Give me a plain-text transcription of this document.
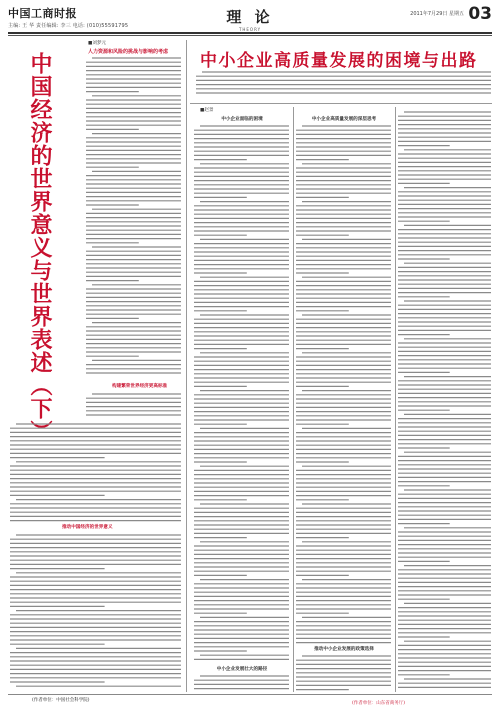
中国工商时报
主编: 王 华 责任编辑: 李三 电话: (010)55591795	理 论
THEORY
2011年7月29日 星期五 03
中国经济的世界意义与世界表述（下）
■刘梦元
人力资源和风险的挑战与影响的考虑
构建繁荣世界经济更高标准
推动中国经济的世界意义
中小企业高质量发展的困境与出路
■赵景
中小企业面临的困境
中小企业发展壮大的路径
中小企业高质量发展的深层思考
推动中小企业发展的政策选择
(作者单位：中国社会科学院)
(作者单位：山东省商务厅)
